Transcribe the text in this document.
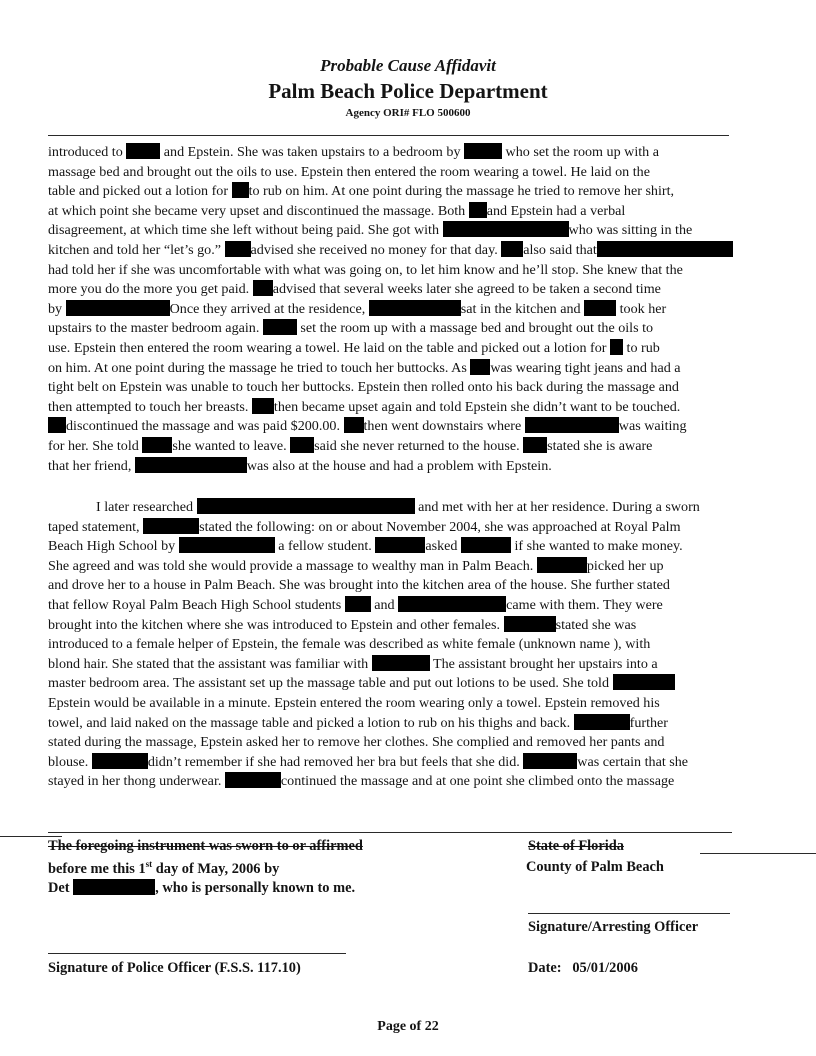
Probable Cause Affidavit
Palm Beach Police Department
Agency ORI# FLO 500600
introduced to  and Epstein. She was taken upstairs to a bedroom by	who set the room up with a
massage bed and brought out the oils to use. Epstein then entered the room wearing a towel. He laid on the
table and picked out a lotion for to rub on him. At one point during the massage he tried to remove her shirt,
at which point she became very upset and discontinued the massage. Both and Epstein had a verbal
disagreement, at which time she left without being paid. She got with	who was sitting in the
kitchen and told her “let’s go.” advised she received no money for that day. also said that
had told her if she was uncomfortable with what was going on, to let him know and he’ll stop. She knew that the
more you do the more you get paid. advised that several weeks later she agreed to be taken a second time
by	Once they arrived at the residence,	sat in the kitchen and  took her
upstairs to the master bedroom again.  set the room up with a massage bed and brought out the oils to
use. Epstein then entered the room wearing a towel. He laid on the table and picked out a lotion for  to rub
on him. At one point during the massage he tried to touch her buttocks. As was wearing tight jeans and had a
tight belt on Epstein was unable to touch her buttocks. Epstein then rolled onto his back during the massage and
then attempted to touch her breasts. then became upset again and told Epstein she didn’t want to be touched.
discontinued the massage and was paid $200.00. then went downstairs where	was waiting
for her. She told she wanted to leave. said she never returned to the house. stated she is aware
that her friend,	was also at the house and had a problem with Epstein.
I later researched	and met with her at her residence. During a sworn
taped statement,	stated the following: on or about November 2004, she was approached at Royal Palm
Beach High School by	a fellow student.	asked	if she wanted to make money.
She agreed and was told she would provide a massage to wealthy man in Palm Beach.	picked her up
and drove her to a house in Palm Beach. She was brought into the kitchen area of the house. She further stated
that fellow Royal Palm Beach High School students  and	came with them. They were
brought into the kitchen where she was introduced to Epstein and other females.	stated she was
introduced to a female helper of Epstein, the female was described as white female (unknown name ), with
blond hair. She stated that the assistant was familiar with	The assistant brought her upstairs into a
master bedroom area. The assistant set up the massage table and put out lotions to be used. She told
Epstein would be available in a minute. Epstein entered the room wearing only a towel. Epstein removed his
towel, and laid naked on the massage table and picked a lotion to rub on his thighs and back.	further
stated during the massage, Epstein asked her to remove her clothes. She complied and removed her pants and
blouse.	didn’t remember if she had removed her bra but feels that she did.	was certain that she
stayed in her thong underwear.	continued the massage and at one point she climbed onto the massage
The foregoing instrument was sworn to or affirmed
before me this 1st day of May, 2006 by
Det	, who is personally known to me.
State of Florida
County of Palm Beach
Signature/Arresting Officer
Signature of Police Officer (F.S.S. 117.10)	Date: 05/01/2006
Page of 22
